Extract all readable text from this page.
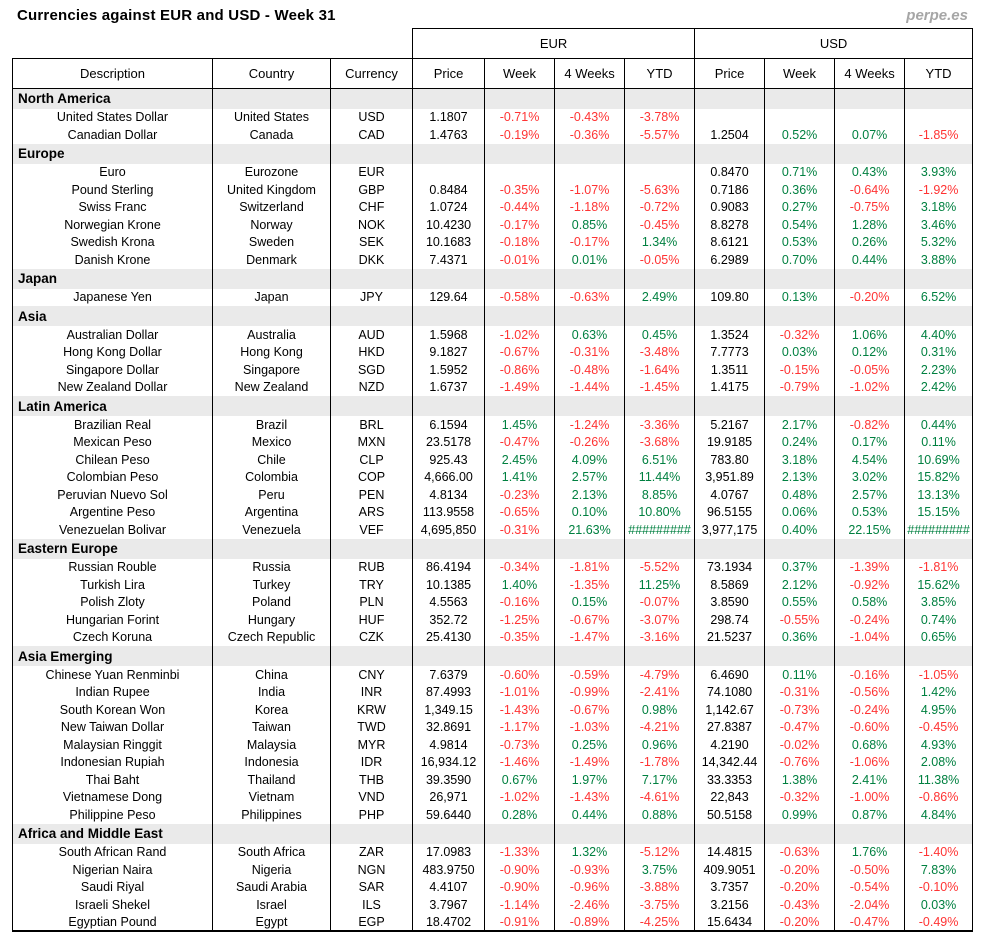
Currencies against EUR and USD - Week 31	perpe.es
			EUR				USD			
Description	Country	Currency	Price	Week	4 Weeks	YTD	Price	Week	4 Weeks	YTD
North America										
United States Dollar	United States	USD	1.1807	-0.71%	-0.43%	-3.78%				
Canadian Dollar	Canada	CAD	1.4763	-0.19%	-0.36%	-5.57%	1.2504	0.52%	0.07%	-1.85%
Europe										
Euro	Eurozone	EUR					0.8470	0.71%	0.43%	3.93%
Pound Sterling	United Kingdom	GBP	0.8484	-0.35%	-1.07%	-5.63%	0.7186	0.36%	-0.64%	-1.92%
Swiss Franc	Switzerland	CHF	1.0724	-0.44%	-1.18%	-0.72%	0.9083	0.27%	-0.75%	3.18%
Norwegian Krone	Norway	NOK	10.4230	-0.17%	0.85%	-0.45%	8.8278	0.54%	1.28%	3.46%
Swedish Krona	Sweden	SEK	10.1683	-0.18%	-0.17%	1.34%	8.6121	0.53%	0.26%	5.32%
Danish Krone	Denmark	DKK	7.4371	-0.01%	0.01%	-0.05%	6.2989	0.70%	0.44%	3.88%
Japan										
Japanese Yen	Japan	JPY	129.64	-0.58%	-0.63%	2.49%	109.80	0.13%	-0.20%	6.52%
Asia										
Australian Dollar	Australia	AUD	1.5968	-1.02%	0.63%	0.45%	1.3524	-0.32%	1.06%	4.40%
Hong Kong Dollar	Hong Kong	HKD	9.1827	-0.67%	-0.31%	-3.48%	7.7773	0.03%	0.12%	0.31%
Singapore Dollar	Singapore	SGD	1.5952	-0.86%	-0.48%	-1.64%	1.3511	-0.15%	-0.05%	2.23%
New Zealand Dollar	New Zealand	NZD	1.6737	-1.49%	-1.44%	-1.45%	1.4175	-0.79%	-1.02%	2.42%
Latin America										
Brazilian Real	Brazil	BRL	6.1594	1.45%	-1.24%	-3.36%	5.2167	2.17%	-0.82%	0.44%
Mexican Peso	Mexico	MXN	23.5178	-0.47%	-0.26%	-3.68%	19.9185	0.24%	0.17%	0.11%
Chilean Peso	Chile	CLP	925.43	2.45%	4.09%	6.51%	783.80	3.18%	4.54%	10.69%
Colombian Peso	Colombia	COP	4,666.00	1.41%	2.57%	11.44%	3,951.89	2.13%	3.02%	15.82%
Peruvian Nuevo Sol	Peru	PEN	4.8134	-0.23%	2.13%	8.85%	4.0767	0.48%	2.57%	13.13%
Argentine Peso	Argentina	ARS	113.9558	-0.65%	0.10%	10.80%	96.5155	0.06%	0.53%	15.15%
Venezuelan Bolivar	Venezuela	VEF	4,695,850	-0.31%	21.63%	#########	3,977,175	0.40%	22.15%	#########
Eastern Europe										
Russian Rouble	Russia	RUB	86.4194	-0.34%	-1.81%	-5.52%	73.1934	0.37%	-1.39%	-1.81%
Turkish Lira	Turkey	TRY	10.1385	1.40%	-1.35%	11.25%	8.5869	2.12%	-0.92%	15.62%
Polish Zloty	Poland	PLN	4.5563	-0.16%	0.15%	-0.07%	3.8590	0.55%	0.58%	3.85%
Hungarian Forint	Hungary	HUF	352.72	-1.25%	-0.67%	-3.07%	298.74	-0.55%	-0.24%	0.74%
Czech Koruna	Czech Republic	CZK	25.4130	-0.35%	-1.47%	-3.16%	21.5237	0.36%	-1.04%	0.65%
Asia Emerging										
Chinese Yuan Renminbi	China	CNY	7.6379	-0.60%	-0.59%	-4.79%	6.4690	0.11%	-0.16%	-1.05%
Indian Rupee	India	INR	87.4993	-1.01%	-0.99%	-2.41%	74.1080	-0.31%	-0.56%	1.42%
South Korean Won	Korea	KRW	1,349.15	-1.43%	-0.67%	0.98%	1,142.67	-0.73%	-0.24%	4.95%
New Taiwan Dollar	Taiwan	TWD	32.8691	-1.17%	-1.03%	-4.21%	27.8387	-0.47%	-0.60%	-0.45%
Malaysian Ringgit	Malaysia	MYR	4.9814	-0.73%	0.25%	0.96%	4.2190	-0.02%	0.68%	4.93%
Indonesian Rupiah	Indonesia	IDR	16,934.12	-1.46%	-1.49%	-1.78%	14,342.44	-0.76%	-1.06%	2.08%
Thai Baht	Thailand	THB	39.3590	0.67%	1.97%	7.17%	33.3353	1.38%	2.41%	11.38%
Vietnamese Dong	Vietnam	VND	26,971	-1.02%	-1.43%	-4.61%	22,843	-0.32%	-1.00%	-0.86%
Philippine Peso	Philippines	PHP	59.6440	0.28%	0.44%	0.88%	50.5158	0.99%	0.87%	4.84%
Africa and Middle East										
South African Rand	South Africa	ZAR	17.0983	-1.33%	1.32%	-5.12%	14.4815	-0.63%	1.76%	-1.40%
Nigerian Naira	Nigeria	NGN	483.9750	-0.90%	-0.93%	3.75%	409.9051	-0.20%	-0.50%	7.83%
Saudi Riyal	Saudi Arabia	SAR	4.4107	-0.90%	-0.96%	-3.88%	3.7357	-0.20%	-0.54%	-0.10%
Israeli Shekel	Israel	ILS	3.7967	-1.14%	-2.46%	-3.75%	3.2156	-0.43%	-2.04%	0.03%
Egyptian Pound	Egypt	EGP	18.4702	-0.91%	-0.89%	-4.25%	15.6434	-0.20%	-0.47%	-0.49%
